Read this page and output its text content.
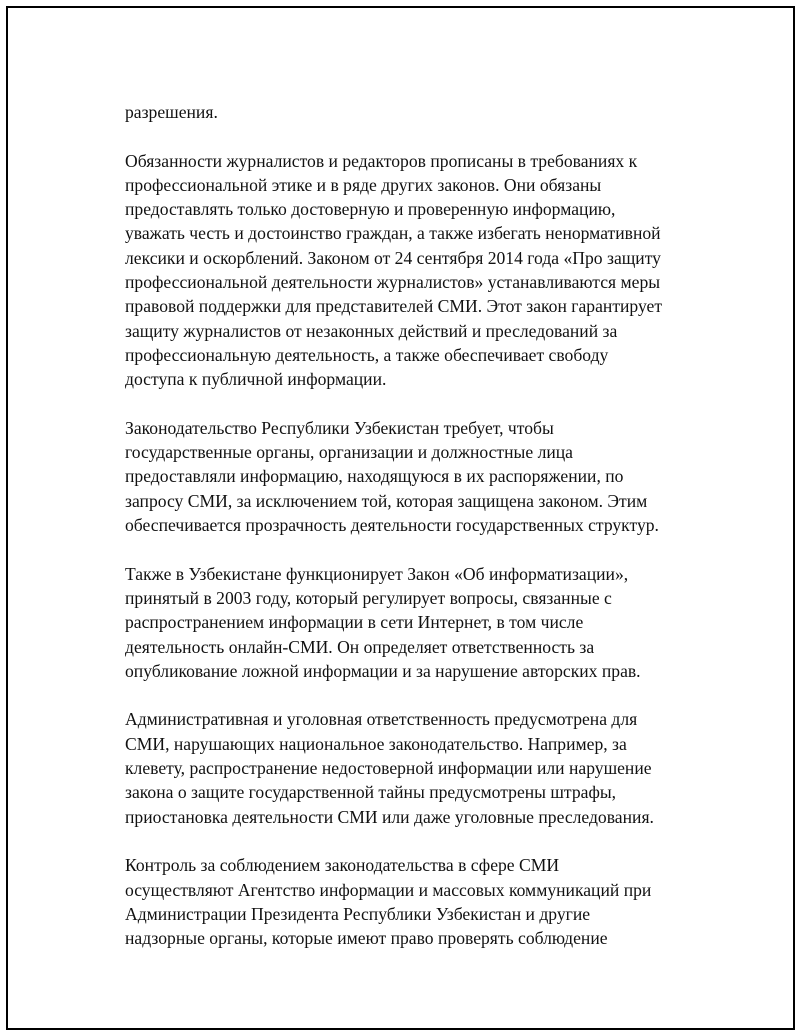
разрешения.

Обязанности журналистов и редакторов прописаны в требованиях к
профессиональной этике и в ряде других законов. Они обязаны
предоставлять только достоверную и проверенную информацию,
уважать честь и достоинство граждан, а также избегать ненормативной
лексики и оскорблений. Законом от 24 сентября 2014 года «Про защиту
профессиональной деятельности журналистов» устанавливаются меры
правовой поддержки для представителей СМИ. Этот закон гарантирует
защиту журналистов от незаконных действий и преследований за
профессиональную деятельность, а также обеспечивает свободу
доступа к публичной информации.

Законодательство Республики Узбекистан требует, чтобы
государственные органы, организации и должностные лица
предоставляли информацию, находящуюся в их распоряжении, по
запросу СМИ, за исключением той, которая защищена законом. Этим
обеспечивается прозрачность деятельности государственных структур.

Также в Узбекистане функционирует Закон «Об информатизации»,
принятый в 2003 году, который регулирует вопросы, связанные с
распространением информации в сети Интернет, в том числе
деятельность онлайн-СМИ. Он определяет ответственность за
опубликование ложной информации и за нарушение авторских прав.

Административная и уголовная ответственность предусмотрена для
СМИ, нарушающих национальное законодательство. Например, за
клевету, распространение недостоверной информации или нарушение
закона о защите государственной тайны предусмотрены штрафы,
приостановка деятельности СМИ или даже уголовные преследования.

Контроль за соблюдением законодательства в сфере СМИ
осуществляют Агентство информации и массовых коммуникаций при
Администрации Президента Республики Узбекистан и другие
надзорные органы, которые имеют право проверять соблюдение
